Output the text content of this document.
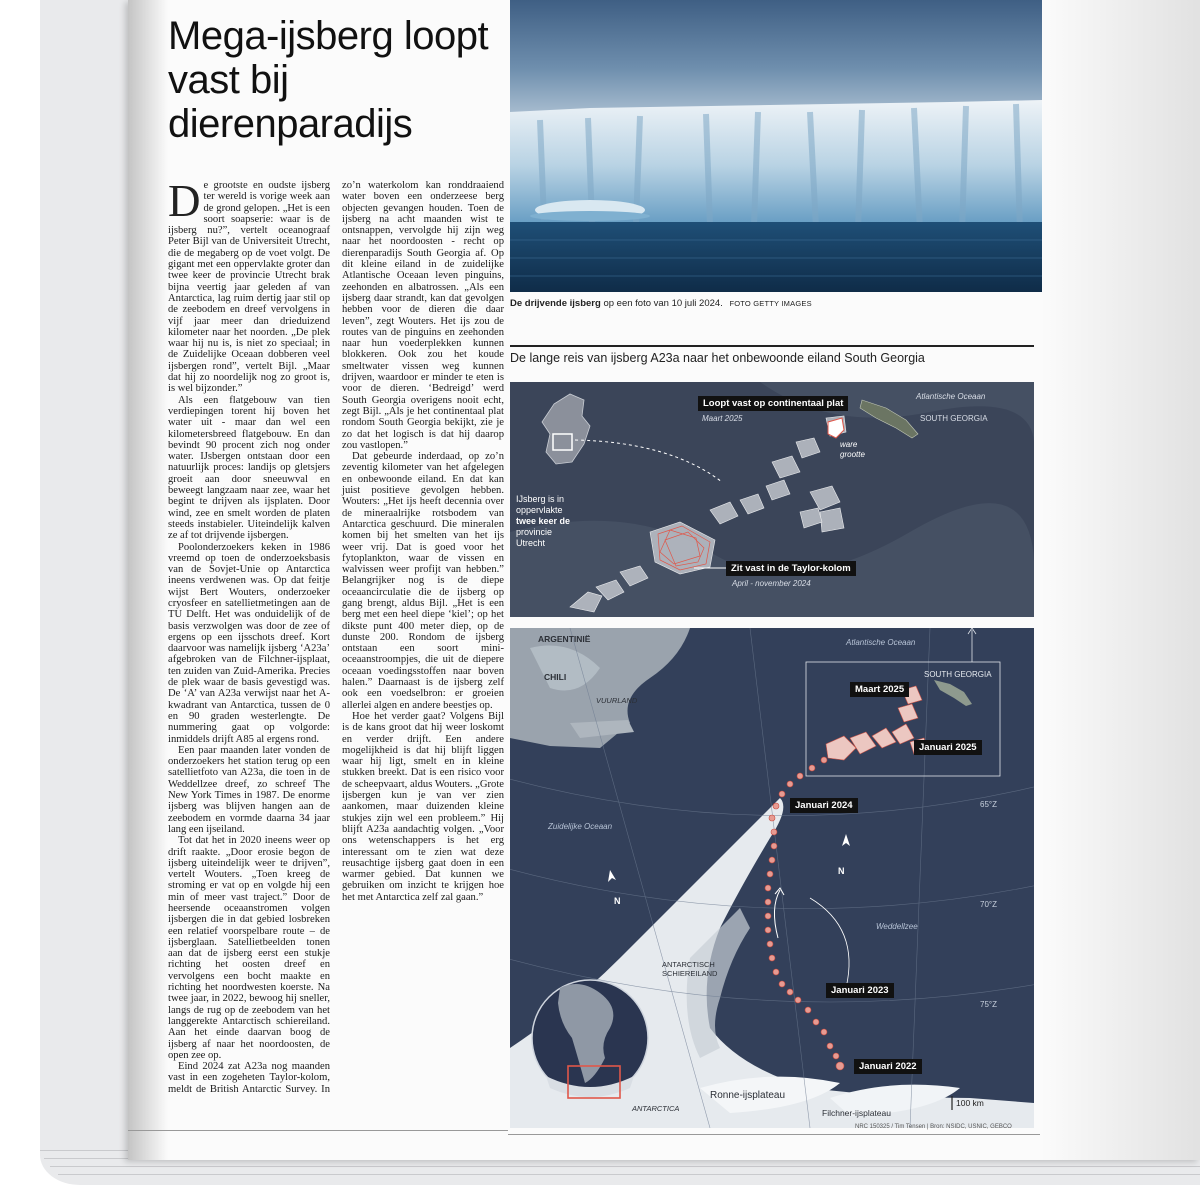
Mega-ijsberg loopt vast bij dierenparadijs

De grootste en oudste ijsberg ter wereld is vorige week aan de grond gelopen. „Het is een soort soapserie: waar is de ijsberg nu?”, vertelt oceanograaf Peter Bijl van de Universiteit Utrecht, die de megaberg op de voet volgt. De gigant met een oppervlakte groter dan twee keer de provincie Utrecht brak bijna veertig jaar geleden af van Antarctica, lag ruim dertig jaar stil op de zeebodem en dreef vervolgens in vijf jaar meer dan drieduizend kilometer naar het noorden. „De plek waar hij nu is, is niet zo speciaal; in de Zuidelijke Oceaan dobberen veel ijsbergen rond”, vertelt Bijl. „Maar dat hij zo noordelijk nog zo groot is, is wel bijzonder.”

Als een flatgebouw van tien verdiepingen torent hij boven het water uit - maar dan wel een kilometersbreed flatgebouw. En dan bevindt 90 procent zich nog onder water. IJsbergen ontstaan door een natuurlijk proces: landijs op gletsjers groeit aan door sneeuwval en beweegt langzaam naar zee, waar het begint te drijven als ijsplaten. Door wind, zee en smelt worden de platen steeds instabieler. Uiteindelijk kalven ze af tot drijvende ijsbergen.

Poolonderzoekers keken in 1986 vreemd op toen de onderzoeksbasis van de Sovjet-Unie op Antarctica ineens verdwenen was. Op dat feitje wijst Bert Wouters, onderzoeker cryosfeer en satellietmetingen aan de TU Delft. Het was onduidelijk of de basis verzwolgen was door de zee of ergens op een ijsschots dreef. Kort daarvoor was namelijk ijsberg ‘A23a’ afgebroken van de Filchner-ijsplaat, ten zuiden van Zuid-Amerika. Precies de plek waar de basis gevestigd was. De ‘A’ van A23a verwijst naar het A-kwadrant van Antarctica, tussen de 0 en 90 graden westerlengte. De nummering gaat op volgorde: inmiddels drijft A85 al ergens rond.

Een paar maanden later vonden de onderzoekers het station terug op een satellietfoto van A23a, die toen in de Weddellzee dreef, zo schreef The New York Times in 1987. De enorme ijsberg was blijven hangen aan de zeebodem en vormde daarna 34 jaar lang een ijseiland.

Tot dat het in 2020 ineens weer op drift raakte. „Door erosie begon de ijsberg uiteindelijk weer te drijven”, vertelt Wouters. „Toen kreeg de stroming er vat op en volgde hij een min of meer vast traject.” Door de heersende oceaanstromen volgen ijsbergen die in dat gebied losbreken een relatief voorspelbare route – de ijsberglaan. Satellietbeelden tonen aan dat de ijsberg eerst een stukje richting het oosten dreef en vervolgens een bocht maakte en richting het noordwesten koerste. Na twee jaar, in 2022, bewoog hij sneller, langs de rug op de zeebodem van het langgerekte Antarctisch schiereiland. Aan het einde daarvan boog de ijsberg af naar het noordoosten, de open zee op.

Eind 2024 zat A23a nog maanden vast in een zogeheten Taylor-kolom, meldt de British Antarctic Survey. In zo’n waterkolom kan ronddraaiend water boven een onderzeese berg objecten gevangen houden. Toen de ijsberg na acht maanden wist te ontsnappen, vervolgde hij zijn weg naar het noordoosten - recht op dierenparadijs South Georgia af. Op dit kleine eiland in de zuidelijke Atlantische Oceaan leven pinguins, zeehonden en albatrossen. „Als een ijsberg daar strandt, kan dat gevolgen hebben voor de dieren die daar leven”, zegt Wouters. Het ijs zou de routes van de pinguins en zeehonden naar hun voederplekken kunnen blokkeren. Ook zou het koude smeltwater vissen weg kunnen drijven, waardoor er minder te eten is voor de dieren. ‘Bedreigd’ werd South Georgia overigens nooit echt, zegt Bijl. „Als je het continentaal plat rondom South Georgia bekijkt, zie je zo dat het logisch is dat hij daarop zou vastlopen.”

Dat gebeurde inderdaad, op zo’n zeventig kilometer van het afgelegen en onbewoonde eiland. En dat kan juist positieve gevolgen hebben. Wouters: „Het ijs heeft decennia over de mineraalrijke rotsbodem van Antarctica geschuurd. Die mineralen komen bij het smelten van het ijs weer vrij. Dat is goed voor het fytoplankton, waar de vissen en walvissen weer profijt van hebben.” Belangrijker nog is de diepe oceaancirculatie die de ijsberg op gang brengt, aldus Bijl. „Het is een berg met een heel diepe ‘kiel’; op het dikste punt 400 meter diep, op de dunste 200. Rondom de ijsberg ontstaan een soort mini-oceaanstroompjes, die uit de diepere oceaan voedingsstoffen naar boven halen.” Daarnaast is de ijsberg zelf ook een voedselbron: er groeien allerlei algen en andere beestjes op.

Hoe het verder gaat? Volgens Bijl is de kans groot dat hij weer loskomt en verder drijft. Een andere mogelijkheid is dat hij blijft liggen waar hij ligt, smelt en in kleine stukken breekt. Dat is een risico voor de scheepvaart, aldus Wouters. „Grote ijsbergen kun je van ver zien aankomen, maar duizenden kleine stukjes zijn wel een probleem.” Hij blijft A23a aandachtig volgen. „Voor ons wetenschappers is het erg interessant om te zien wat deze reusachtige ijsberg gaat doen in een warmer gebied. Dat kunnen we gebruiken om inzicht te krijgen hoe het met Antarctica zelf zal gaan.”

De drijvende ijsberg op een foto van 10 juli 2024. FOTO GETTY IMAGES
De lange reis van ijsberg A23a naar het onbewoonde eiland South Georgia
Loopt vast op continentaal plat
Maart 2025
Atlantische Oceaan
SOUTH GEORGIA
ware
grootte
IJsberg is in
oppervlakte
twee keer de
provincie
Utrecht
Zit vast in de Taylor-kolom
April - november 2024
ARGENTINIË
CHILI
VUURLAND
Atlantische Oceaan
SOUTH GEORGIA
Zuidelijke Oceaan
Weddellzee
ANTARCTISCH
SCHIEREILAND
ANTARCTICA
Ronne-ijsplateau
Filchner-ijsplateau
100 km
65°Z
70°Z
75°Z
N
N
Maart 2025
Januari 2025
Januari 2024
Januari 2023
Januari 2022
NRC 150325 / Tim Tensen | Bron: NSIDC, USNIC, GEBCO
